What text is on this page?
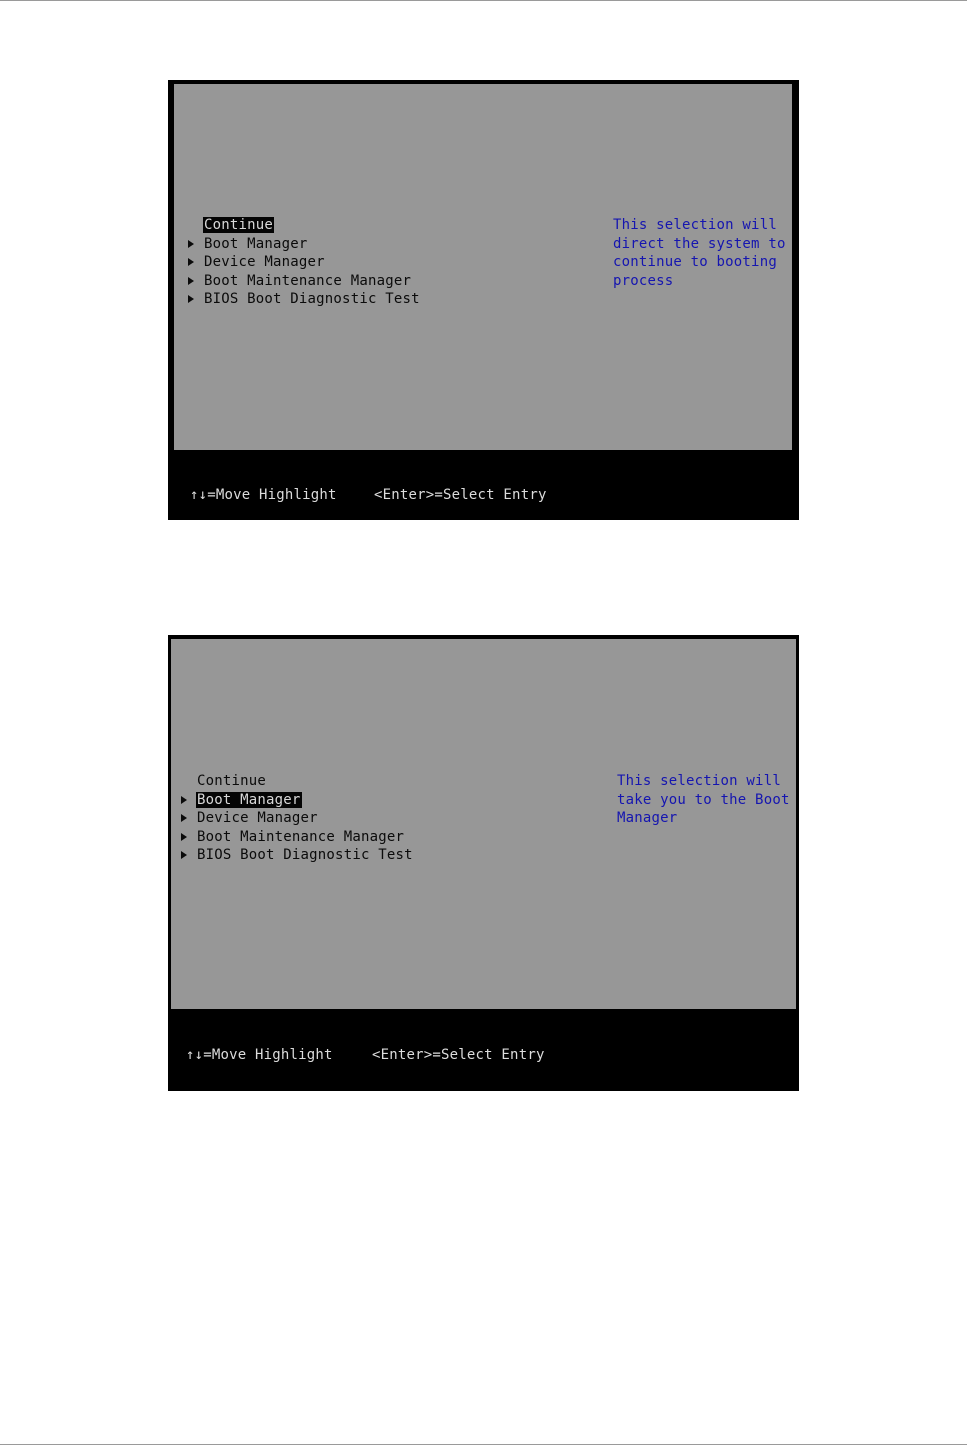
Continue
Boot Manager
Device Manager
Boot Maintenance Manager
BIOS Boot Diagnostic Test

This selection will
direct the system to
continue to booting
process

↑↓=Move Highlight	<Enter>=Select Entry
Continue
Boot Manager
Device Manager
Boot Maintenance Manager
BIOS Boot Diagnostic Test

This selection will
take you to the Boot
Manager

↑↓=Move Highlight	<Enter>=Select Entry
